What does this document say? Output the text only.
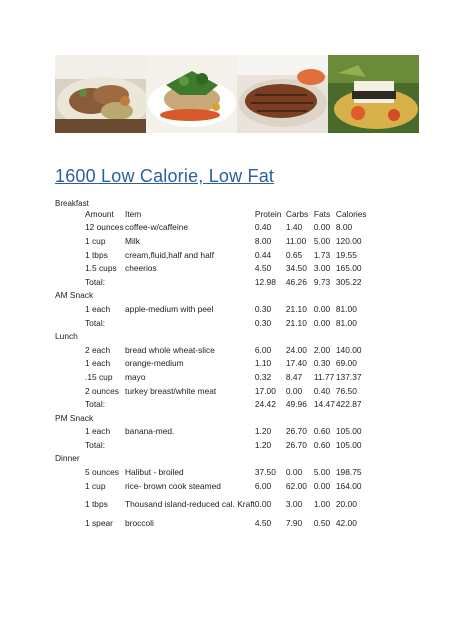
1600 Low Calorie, Low Fat
Breakfast
	Amount	Item	Protein	Carbs	Fats	Calories
	12 ounces	coffee-w/caffeine	0.40	1.40	0.00	8.00
	1 cup	Milk	8.00	11.00	5.00	120.00
	1 tbps	cream,fluid,half and half	0.44	0.65	1.73	19.55
	1.5 cups	cheerios	4.50	34.50	3.00	165.00
	Total:		12.98	46.26	9.73	305.22
AM Snack						
	1 each	apple-medium with peel	0.30	21.10	0.00	81.00
	Total:		0.30	21.10	0.00	81.00
Lunch						
	2 each	bread whole wheat-slice	6.00	24.00	2.00	140.00
	1 each	orange-medium	1.10	17.40	0.30	69.00
	.15 cup	mayo	0.32	8.47	11.77	137.37
	2 ounces	turkey breast/white meat	17.00	0.00	0.40	76.50
	Total:		24.42	49.96	14.47	422.87
PM Snack						
	1 each	banana-med.	1.20	26.70	0.60	105.00
	Total:		1.20	26.70	0.60	105.00
Dinner						
	5 ounces	Halibut - broiled	37.50	0.00	5.00	198.75
	1 cup	rice- brown cook steamed	6.00	62.00	0.00	164.00
	1 tbps	Thousand island-reduced cal. Kraft	0.00	3.00	1.00	20.00
	1 spear	broccoli	4.50	7.90	0.50	42.00
